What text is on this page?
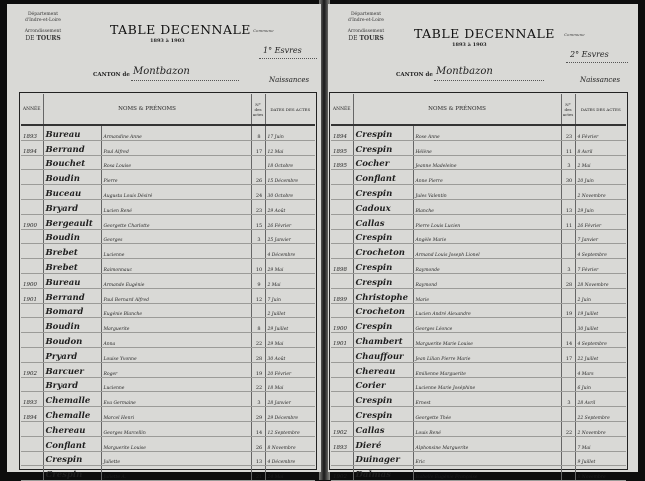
Département
d'Indre-et-Loire
Arrondissement
DE TOURS
TABLE DECENNALE
1893 à 1903
Commune
1° Esvres
CANTON de Montbazon
Naissances
ANNÉE	NOMS & PRÉNOMS		N°
des actes	DATES DES ACTES
1893	Bureau	Armandine Anne	8	17 Juin
1894	Berrand	Paul Alfred	17	12 Mai
	Bouchet	Rosa Louise		18 Octobre
	Boudin	Pierre	26	15 Décembre
	Buceau	Augusta Louis Désiré	24	30 Octobre
	Bryard	Lucien René	23	29 Août
1900	Bergeault	Georgette Charlotte	15	26 Février
	Boudin	Georges	3	25 Janvier
	Brebet	Lucienne		4 Décembre
	Brebet	Raimonnauc	10	29 Mai
1900	Bureau	Armande Eugénie	9	2 Mai
1901	Berrand	Paul Bernard Alfred	12	7 Juin
	Bomard	Eugénie Blanche		2 Juillet
	Boudin	Marguerite	8	29 Juillet
	Boudon	Anna	22	29 Mai
	Pryard	Louise Yvonne	28	30 Août
1902	Barcuer	Roger	19	20 Février
	Bryard	Lucienne	22	18 Mai
1893	Chemalle	Eva Germaine	3	28 Janvier
1894	Chemalle	Marcel Henri	29	29 Décembre
	Chereau	Georges Marcellin	14	12 Septembre
	Conflant	Marguerite Louise	26	8 Novembre
	Crespin	Juliette	13	4 Décembre
	Crespin	Juliette A.	21	24 Mai
Département
d'Indre-et-Loire
Arrondissement
DE TOURS	TABLE DECENNALE
1893 à 1903
Commune
2° Esvres
CANTON de Montbazon
Naissances
ANNÉE	NOMS & PRÉNOMS		N°
des actes	DATES DES ACTES
1894	Crespin	Rose Anne	23	4 Février
1895	Crespin	Hélène	11	8 Avril
1895	Cocher	Jeanne Madeleine	3	2 Mai
	Conflant	Anne Pierre	30	20 Juin
	Crespin	Jules Valentin		2 Novembre
	Cadoux	Blanche	13	29 Juin
	Callas	Pierre Louis Lucien	11	26 Février
	Crespin	Angèle Marie		7 Janvier
	Crocheton	Armand Louis Joseph Lionel		4 Septembre
1898	Crespin	Raymonde	3	7 Février
	Crespin	Raymond	28	28 Novembre
1899	Christophe	Marie		2 Juin
	Crocheton	Lucien André Alexandre	19	19 Juillet
1900	Crespin	Georges Léonce		30 Juillet
1901	Chambert	Marguerite Marie Louise	14	4 Septembre
	Chauffour	Jean Lilian Pierre Marie	17	22 Juillet
	Chereau	Emilienne Marguerite		4 Mars
	Corier	Lucienne Marie Joséphine		6 Juin
	Crespin	Ernest	3	28 Avril
	Crespin	Georgette Thée		22 Septembre
1902	Callas	Louis René	22	2 Novembre
1893	Dieré	Alphonsine Marguerite		7 Mai
	Duinager	Eric		9 Juillet
1902	Dalmas	Isabelle Eugénie Françoise		8 Novembre
